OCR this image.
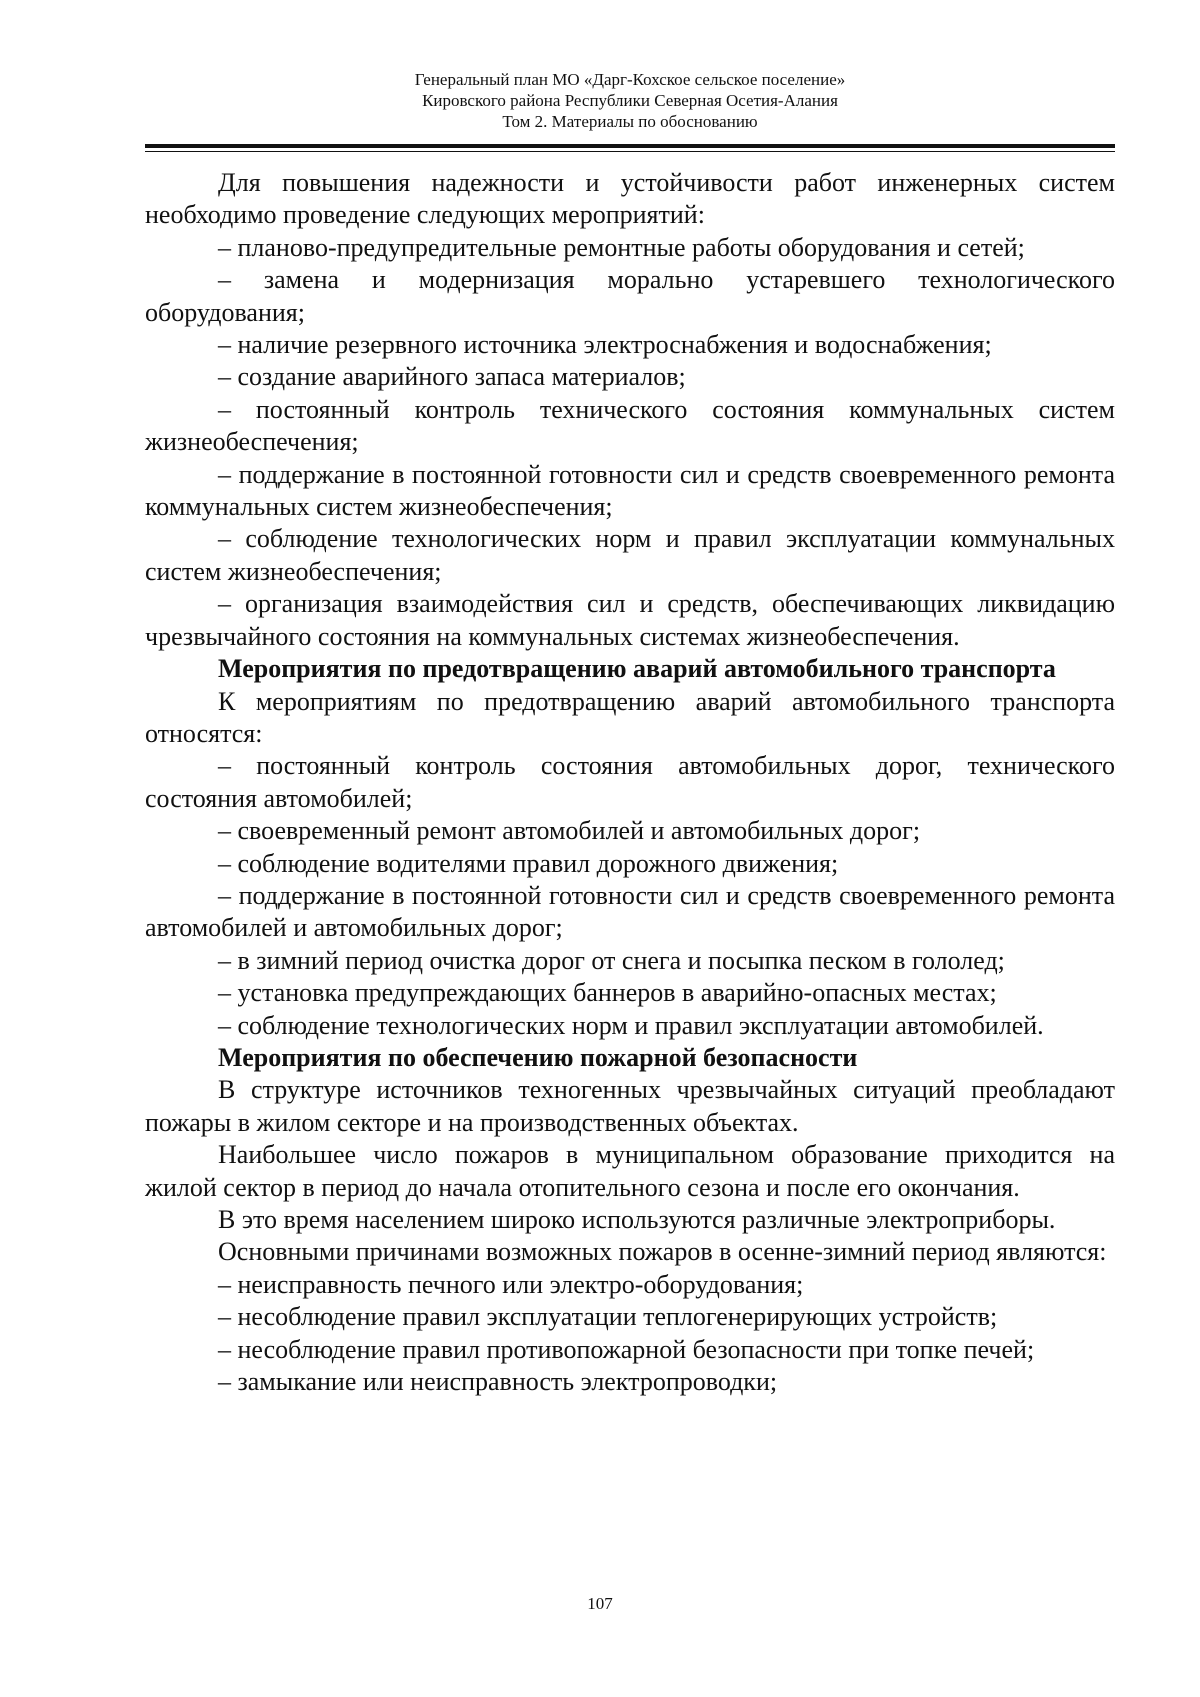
Генеральный план МО «Дарг-Кохское сельское поселение»
Кировского района Республики Северная Осетия-Алания
Том 2. Материалы по обоснованию

Для повышения надежности и устойчивости работ инженерных систем необходимо проведение следующих мероприятий:

– планово-предупредительные ремонтные работы оборудования и сетей;

– замена и модернизация морально устаревшего технологического оборудования;

– наличие резервного источника электроснабжения и водоснабжения;

– создание аварийного запаса материалов;

– постоянный контроль технического состояния коммунальных систем жизнеобеспечения;

– поддержание в постоянной готовности сил и средств своевременного ремонта коммунальных систем жизнеобеспечения;

– соблюдение технологических норм и правил эксплуатации коммунальных систем жизнеобеспечения;

– организация взаимодействия сил и средств, обеспечивающих ликвидацию чрезвычайного состояния на коммунальных системах жизнеобеспечения.

Мероприятия по предотвращению аварий автомобильного транспорта

К мероприятиям по предотвращению аварий автомобильного транспорта относятся:

– постоянный контроль состояния автомобильных дорог, технического состояния автомобилей;

– своевременный ремонт автомобилей и автомобильных дорог;

– соблюдение водителями правил дорожного движения;

– поддержание в постоянной готовности сил и средств своевременного ремонта автомобилей и автомобильных дорог;

– в зимний период очистка дорог от снега и посыпка песком в гололед;

– установка предупреждающих баннеров в аварийно-опасных местах;

– соблюдение технологических норм и правил эксплуатации автомобилей.

Мероприятия по обеспечению пожарной безопасности

В структуре источников техногенных чрезвычайных ситуаций преобладают пожары в жилом секторе и на производственных объектах.

Наибольшее число пожаров в муниципальном образование приходится на жилой сектор в период до начала отопительного сезона и после его окончания.

В это время населением широко используются различные электроприборы.

Основными причинами возможных пожаров в осенне-зимний период являются:

– неисправность печного или электро-оборудования;

– несоблюдение правил эксплуатации теплогенерирующих устройств;

– несоблюдение правил противопожарной безопасности при топке печей;

– замыкание или неисправность электропроводки;

107
